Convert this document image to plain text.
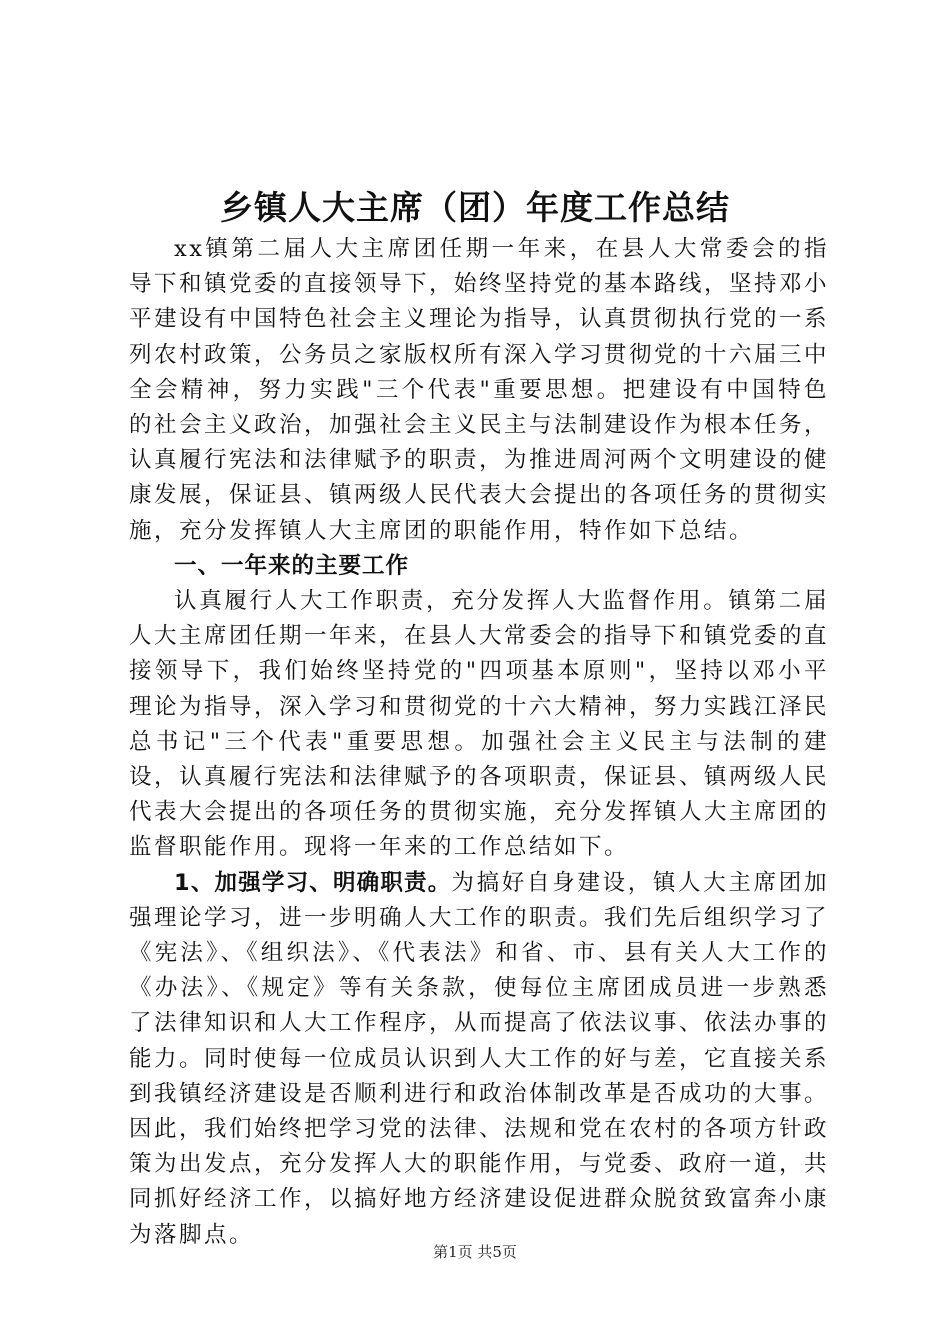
乡镇人大主席（团）年度工作总结

xx镇第二届人大主席团任期一年来，在县人大常委会的指导下和镇党委的直接领导下，始终坚持党的基本路线，坚持邓小平建设有中国特色社会主义理论为指导，认真贯彻执行党的一系列农村政策，公务员之家版权所有深入学习贯彻党的十六届三中全会精神，努力实践"三个代表"重要思想。把建设有中国特色的社会主义政治，加强社会主义民主与法制建设作为根本任务，认真履行宪法和法律赋予的职责，为推进周河两个文明建设的健康发展，保证县、镇两级人民代表大会提出的各项任务的贯彻实施，充分发挥镇人大主席团的职能作用，特作如下总结。

一、一年来的主要工作

认真履行人大工作职责，充分发挥人大监督作用。镇第二届人大主席团任期一年来，在县人大常委会的指导下和镇党委的直接领导下，我们始终坚持党的"四项基本原则"，坚持以邓小平理论为指导，深入学习和贯彻党的十六大精神，努力实践江泽民总书记"三个代表"重要思想。加强社会主义民主与法制的建设，认真履行宪法和法律赋予的各项职责，保证县、镇两级人民代表大会提出的各项任务的贯彻实施，充分发挥镇人大主席团的监督职能作用。现将一年来的工作总结如下。

1、加强学习、明确职责。为搞好自身建设，镇人大主席团加强理论学习，进一步明确人大工作的职责。我们先后组织学习了《宪法》、《组织法》、《代表法》和省、市、县有关人大工作的《办法》、《规定》等有关条款，使每位主席团成员进一步熟悉了法律知识和人大工作程序，从而提高了依法议事、依法办事的能力。同时使每一位成员认识到人大工作的好与差，它直接关系到我镇经济建设是否顺利进行和政治体制改革是否成功的大事。因此，我们始终把学习党的法律、法规和党在农村的各项方针政策为出发点，充分发挥人大的职能作用，与党委、政府一道，共同抓好经济工作，以搞好地方经济建设促进群众脱贫致富奔小康为落脚点。

第1页 共5页
